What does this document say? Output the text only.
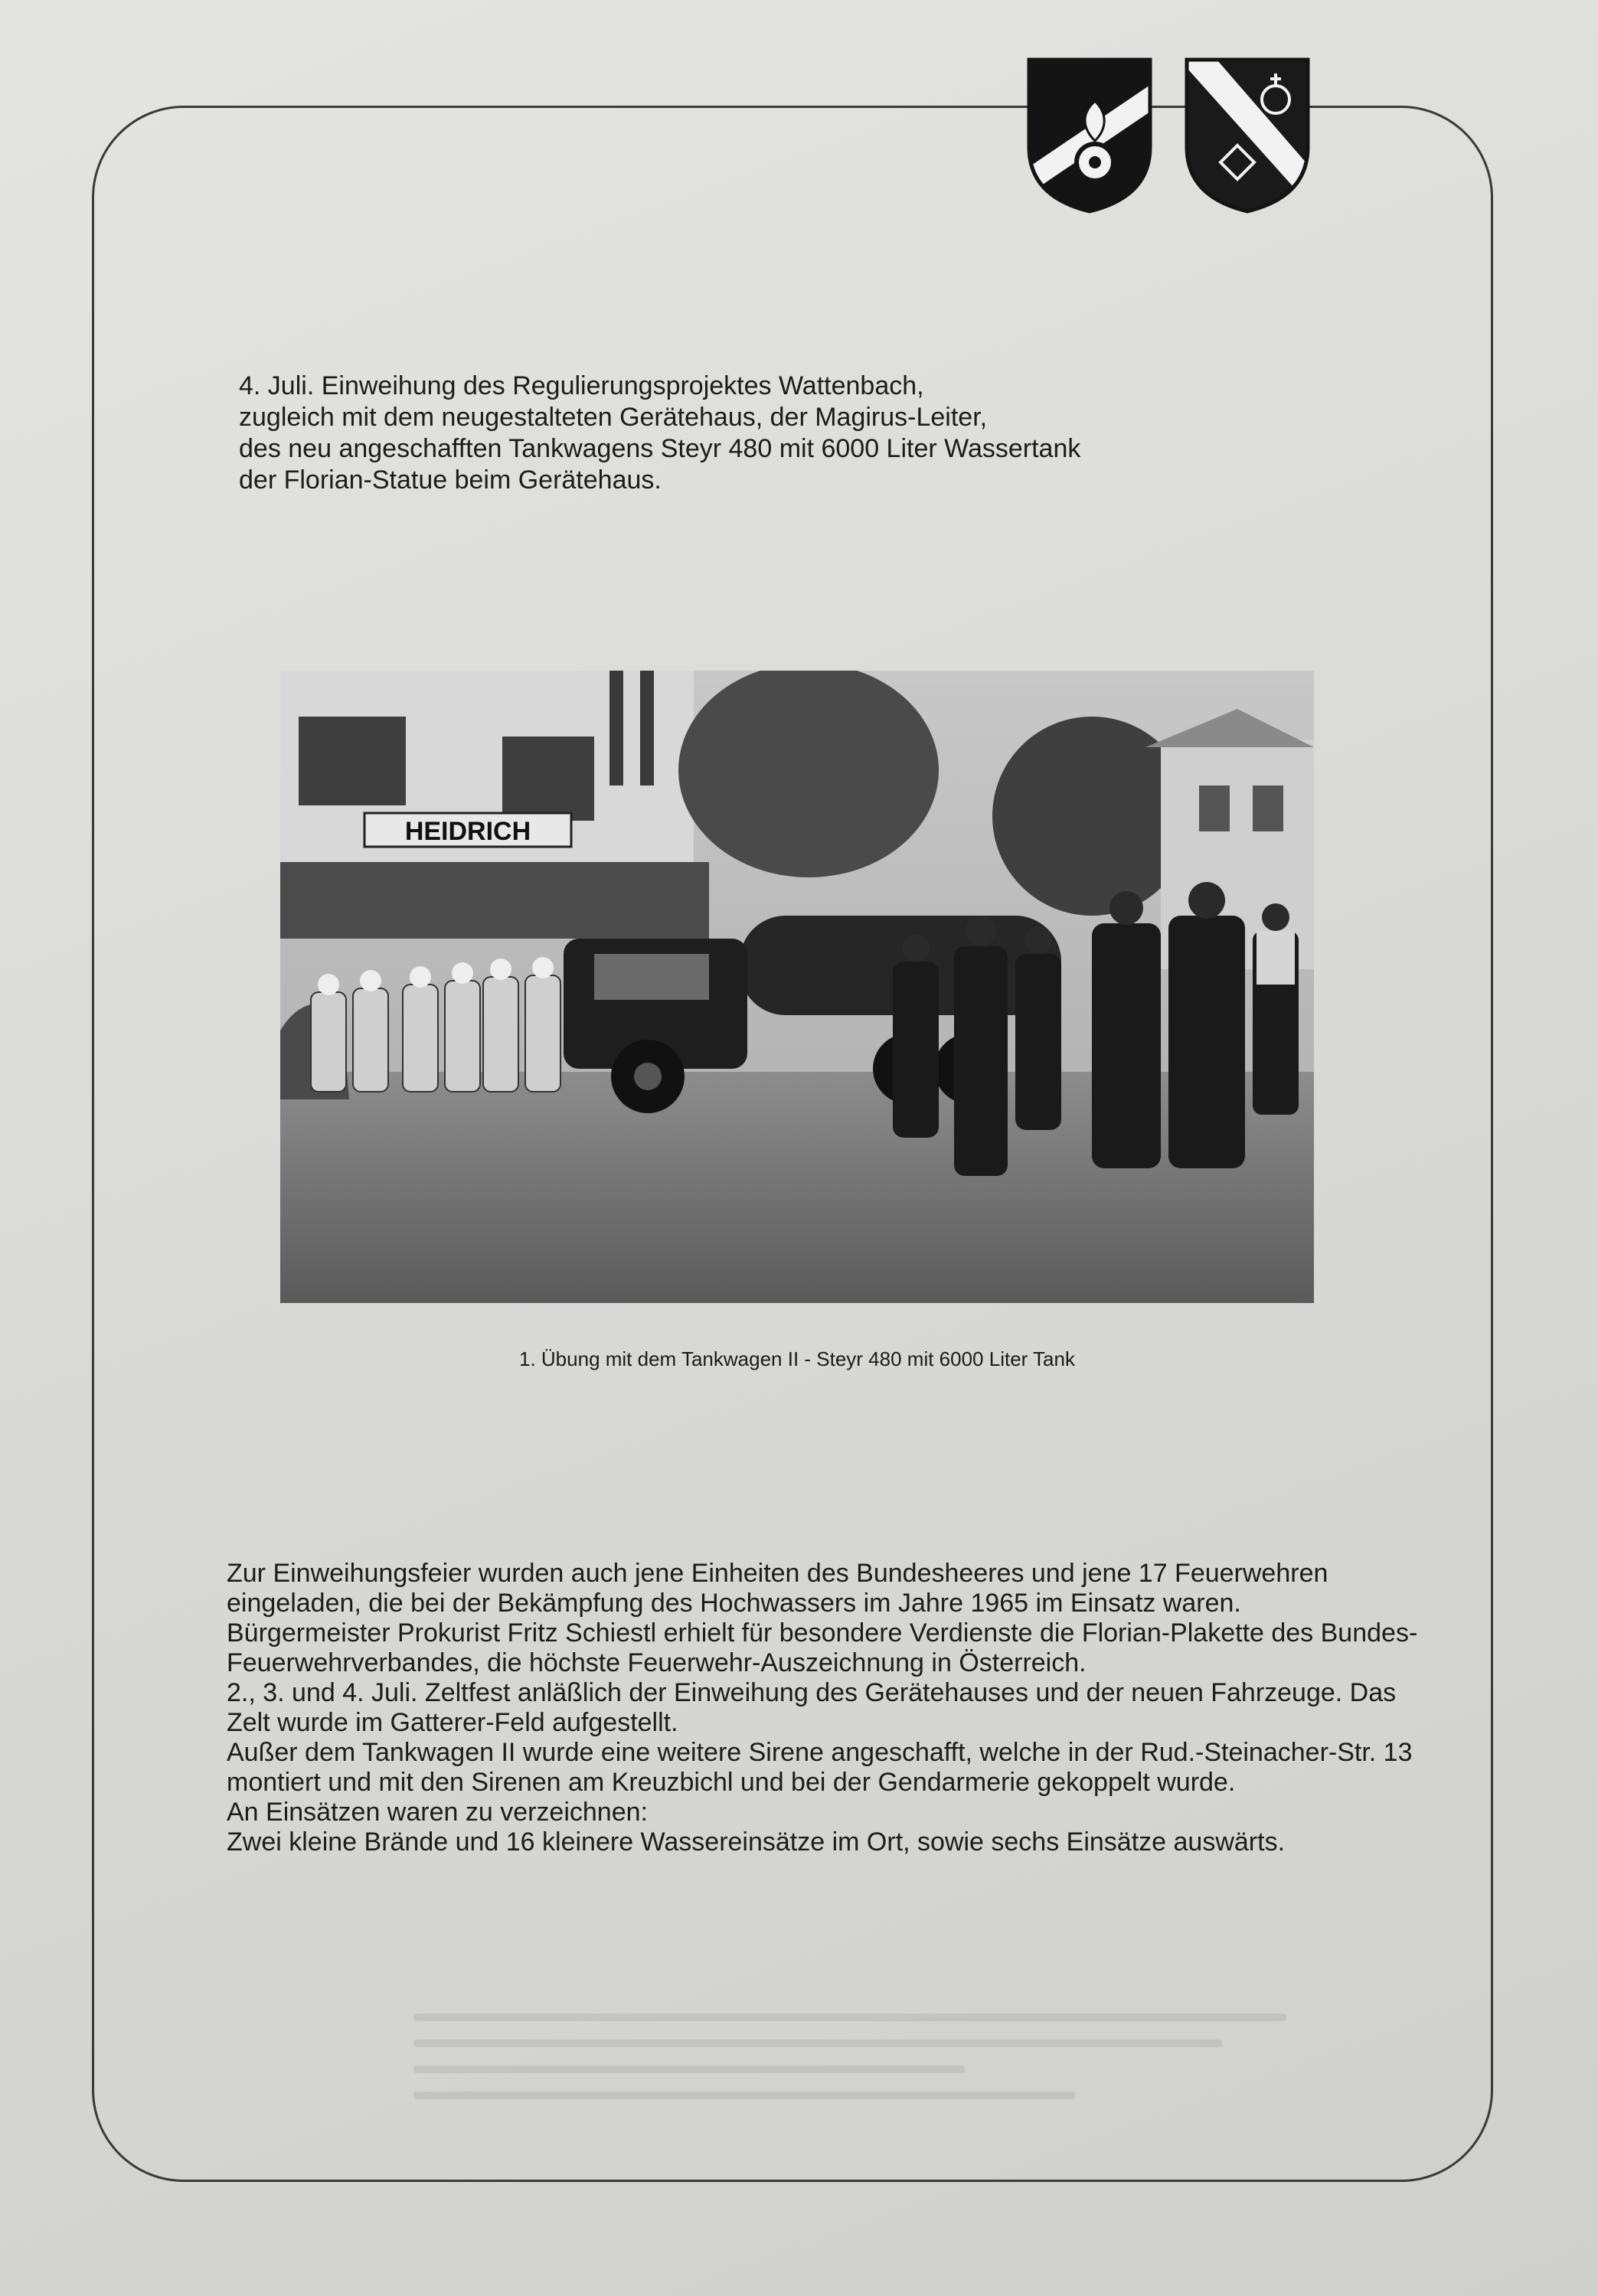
4. Juli. Einweihung des Regulierungsprojektes Wattenbach,

zugleich mit dem neugestalteten Gerätehaus, der Magirus-Leiter,

des neu angeschafften Tankwagens Steyr 480 mit 6000 Liter Wassertank

der Florian-Statue beim Gerätehaus.

HEIDRICH
1. Übung mit dem Tankwagen II - Steyr 480 mit 6000 Liter Tank

Zur Einweihungsfeier wurden auch jene Einheiten des Bundesheeres und jene 17 Feuerwehren eingeladen, die bei der Bekämpfung des Hochwassers im Jahre 1965 im Einsatz waren.

Bürgermeister Prokurist Fritz Schiestl erhielt für besondere Verdienste die Florian-Plakette des Bundes-Feuerwehrverbandes, die höchste Feuerwehr-Auszeichnung in Österreich.

2., 3. und 4. Juli. Zeltfest anläßlich der Einweihung des Gerätehauses und der neuen Fahrzeuge. Das Zelt wurde im Gatterer-Feld aufgestellt.

Außer dem Tankwagen II wurde eine weitere Sirene angeschafft, welche in der Rud.-Steinacher-Str. 13 montiert und mit den Sirenen am Kreuzbichl und bei der Gendarmerie gekoppelt wurde.

An Einsätzen waren zu verzeichnen:

Zwei kleine Brände und 16 kleinere Wassereinsätze im Ort, sowie sechs Einsätze auswärts.
